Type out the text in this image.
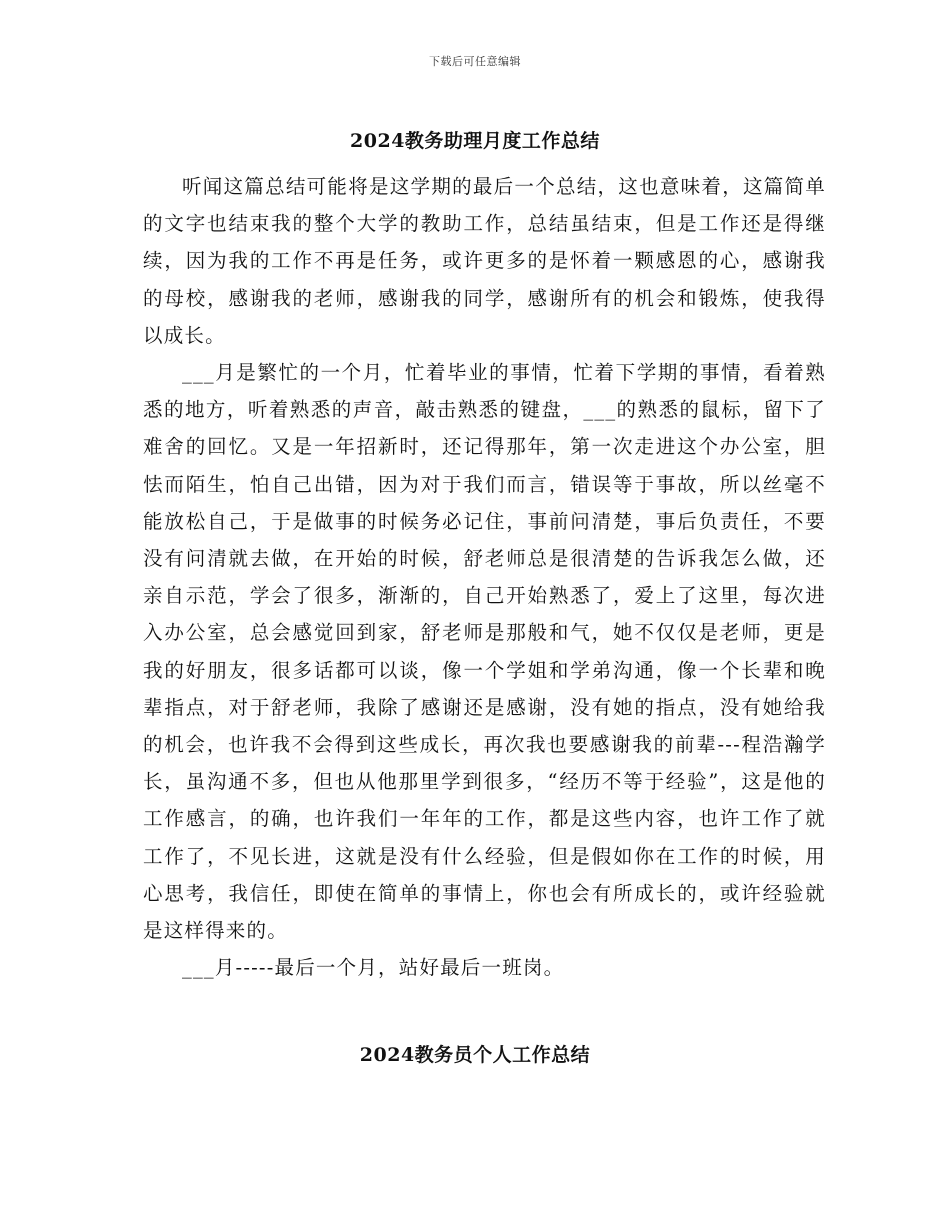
下载后可任意编辑
2024教务助理月度工作总结

听闻这篇总结可能将是这学期的最后一个总结，这也意味着，这篇简单的文字也结束我的整个大学的教助工作，总结虽结束，但是工作还是得继续，因为我的工作不再是任务，或许更多的是怀着一颗感恩的心，感谢我的母校，感谢我的老师，感谢我的同学，感谢所有的机会和锻炼，使我得以成长。

___月是繁忙的一个月，忙着毕业的事情，忙着下学期的事情，看着熟悉的地方，听着熟悉的声音，敲击熟悉的键盘，___的熟悉的鼠标，留下了难舍的回忆。又是一年招新时，还记得那年，第一次走进这个办公室，胆怯而陌生，怕自己出错，因为对于我们而言，错误等于事故，所以丝毫不能放松自己，于是做事的时候务必记住，事前问清楚，事后负责任，不要没有问清就去做，在开始的时候，舒老师总是很清楚的告诉我怎么做，还亲自示范，学会了很多，渐渐的，自己开始熟悉了，爱上了这里，每次进入办公室，总会感觉回到家，舒老师是那般和气，她不仅仅是老师，更是我的好朋友，很多话都可以谈，像一个学姐和学弟沟通，像一个长辈和晚辈指点，对于舒老师，我除了感谢还是感谢，没有她的指点，没有她给我的机会，也许我不会得到这些成长，再次我也要感谢我的前辈---程浩瀚学长，虽沟通不多，但也从他那里学到很多，“经历不等于经验”，这是他的工作感言，的确，也许我们一年年的工作，都是这些内容，也许工作了就工作了，不见长进，这就是没有什么经验，但是假如你在工作的时候，用心思考，我信任，即使在简单的事情上，你也会有所成长的，或许经验就是这样得来的。

___月-----最后一个月，站好最后一班岗。

2024教务员个人工作总结
